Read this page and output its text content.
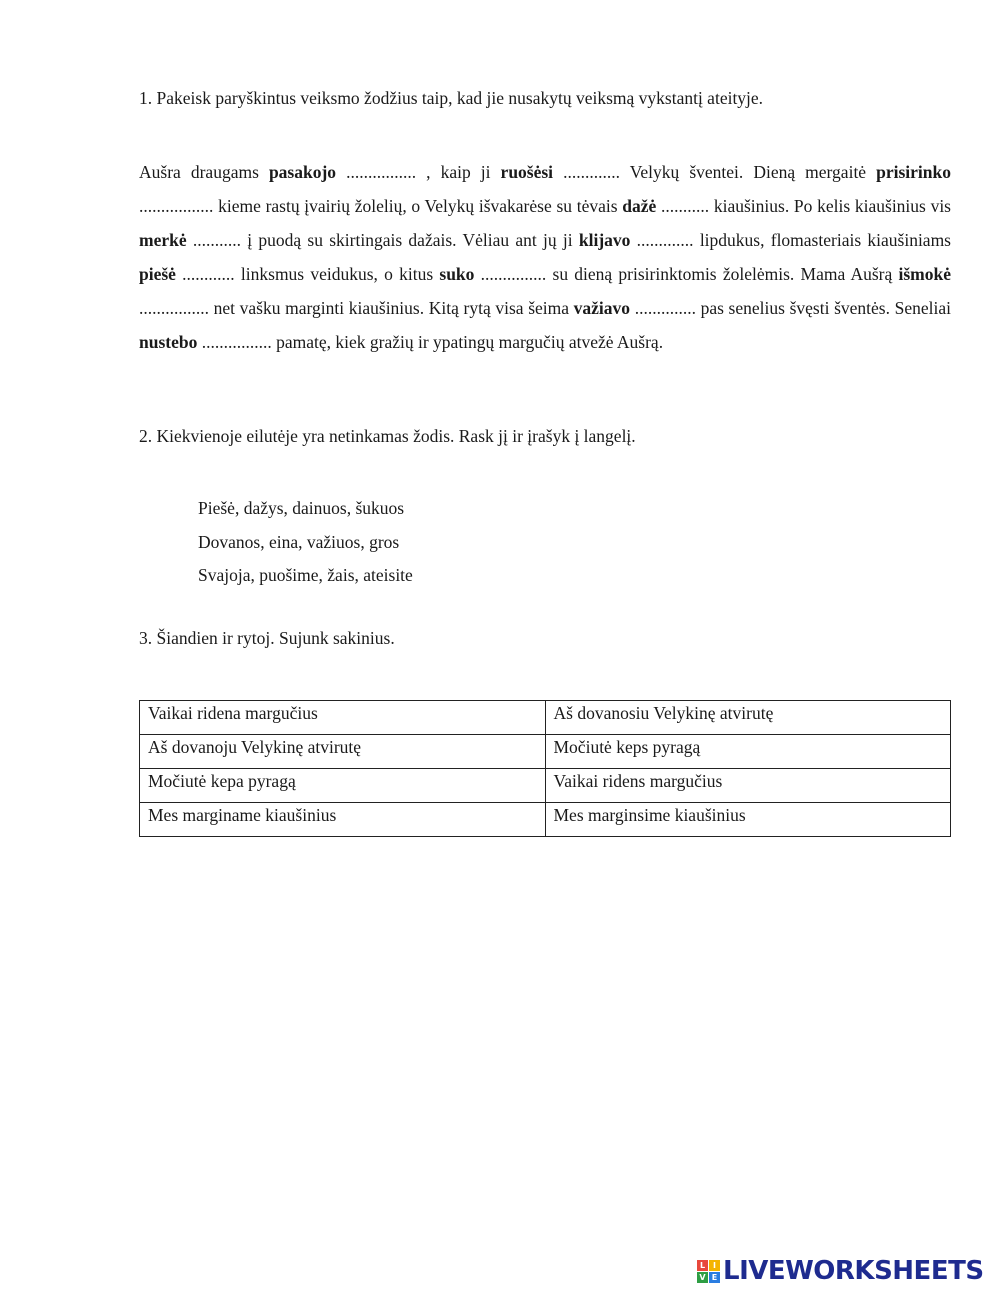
1. Pakeisk paryškintus veiksmo žodžius taip, kad jie nusakytų veiksmą vykstantį ateityje.
Aušra draugams pasakojo ................ , kaip ji ruošėsi ............. Velykų šventei. Dieną mergaitė prisirinko ................. kieme rastų įvairių žolelių, o Velykų išvakarėse su tėvais dažė ........... kiaušinius. Po kelis kiaušinius vis merkė ........... į puodą su skirtingais dažais. Vėliau ant jų ji klijavo ............. lipdukus, flomasteriais kiaušiniams piešė ............ linksmus veidukus, o kitus suko ............... su dieną prisirinktomis žolelėmis. Mama Aušrą išmokė ................ net vašku marginti kiaušinius. Kitą rytą visa šeima važiavo .............. pas senelius švęsti šventės. Seneliai nustebo ................ pamatę, kiek gražių ir ypatingų margučių atvežė Aušrą.
2. Kiekvienoje eilutėje yra netinkamas žodis. Rask jį ir įrašyk į langelį.
Piešė, dažys, dainuos, šukuos
Dovanos, eina, važiuos, gros
Svajoja, puošime, žais, ateisite
3. Šiandien ir rytoj. Sujunk sakinius.
Vaikai ridena margučius	Aš dovanosiu Velykinę atvirutę
Aš dovanoju Velykinę atvirutę	Močiutė keps pyragą
Močiutė kepa pyragą	Vaikai ridens margučius
Mes marginame kiaušinius	Mes marginsime kiaušinius
L I
V E LIVEWORKSHEETS
